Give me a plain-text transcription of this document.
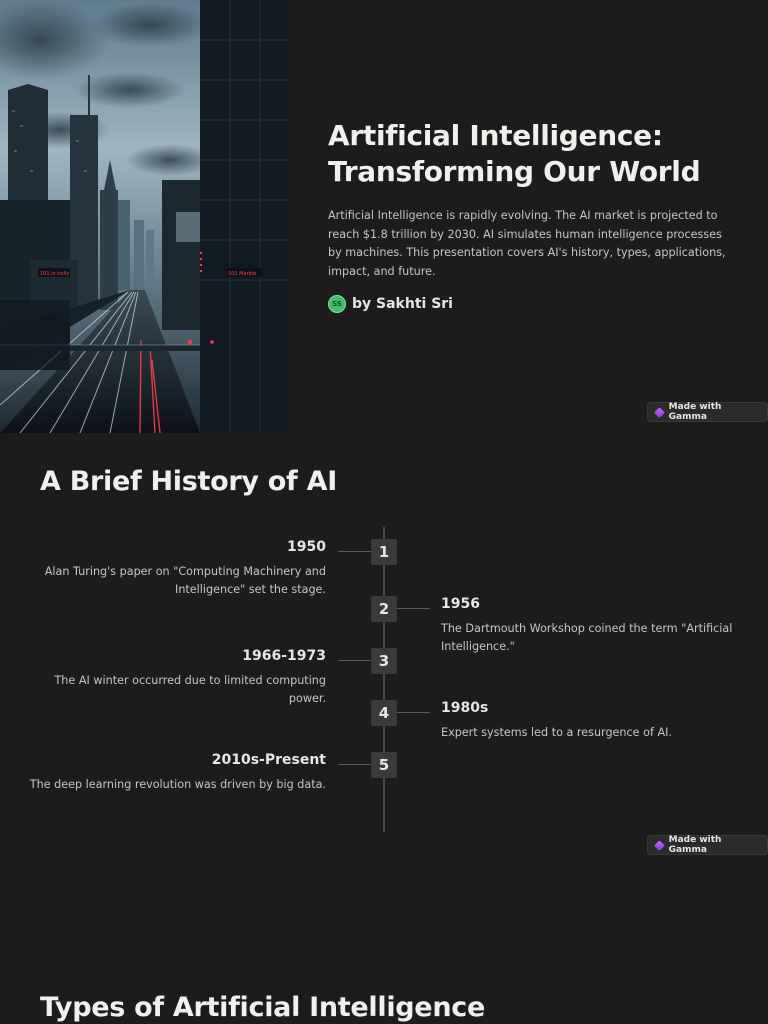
101 in holly	101 Marble
Artificial Intelligence: Transforming Our World

Artificial Intelligence is rapidly evolving. The AI market is projected to reach $1.8 trillion by 2030. AI simulates human intelligence processes by machines. This presentation covers AI's history, types, applications, impact, and future.

SS by Sakhti Sri
Made with Gamma
A Brief History of AI
1

1950

Alan Turing's paper on "Computing Machinery and Intelligence" set the stage.

2	1956

The Dartmouth Workshop coined the term "Artificial Intelligence."

3

1966-1973

The AI winter occurred due to limited computing power.

4	1980s

Expert systems led to a resurgence of AI.

5

2010s-Present

The deep learning revolution was driven by big data.

Made with Gamma
Types of Artificial Intelligence
